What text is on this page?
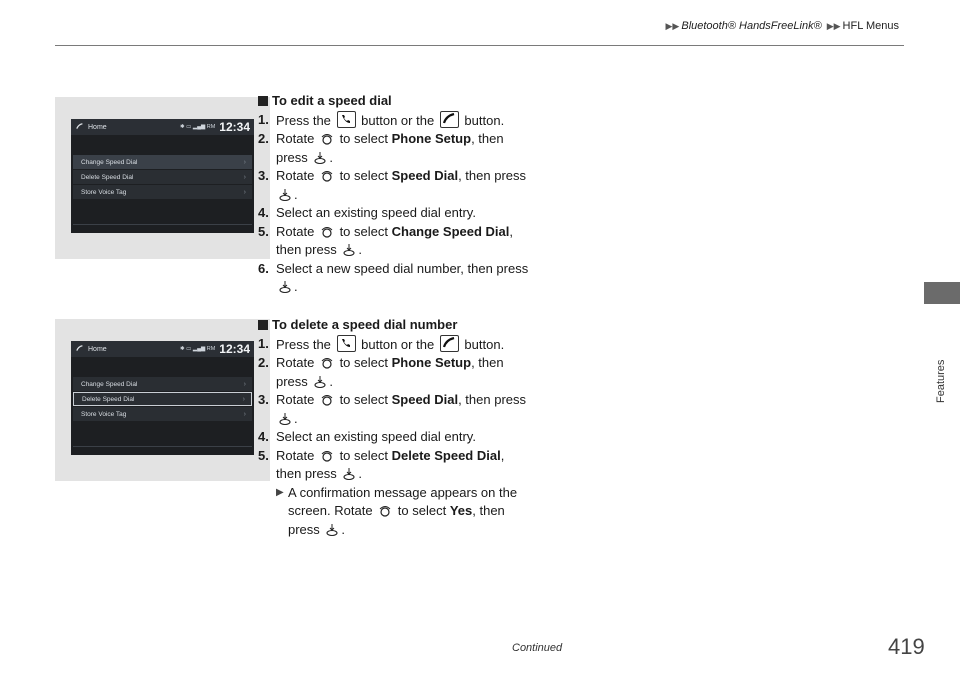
▶▶ Bluetooth® HandsFreeLink® ▶▶ HFL Menus
Features
Home	✱ ▭ ▂▄▆ RM 12:34
Change Speed Dial	›
Delete Speed Dial	›
Store Voice Tag	›
Home	✱ ▭ ▂▄▆ RM 12:34
Change Speed Dial	›
Delete Speed Dial	›
Store Voice Tag	›
To edit a speed dial
1. Press the button or the button.
2. Rotate to select Phone Setup, then
press .
3. Rotate to select Speed Dial, then press
.
4. Select an existing speed dial entry.
5. Rotate to select Change Speed Dial,
then press .
6. Select a new speed dial number, then press
.
To delete a speed dial number
1. Press the button or the button.
2. Rotate to select Phone Setup, then
press .
3. Rotate to select Speed Dial, then press
.
4. Select an existing speed dial entry.
5. Rotate to select Delete Speed Dial,
then press .
▶ A confirmation message appears on the
screen. Rotate to select Yes, then
press .
Continued	419
